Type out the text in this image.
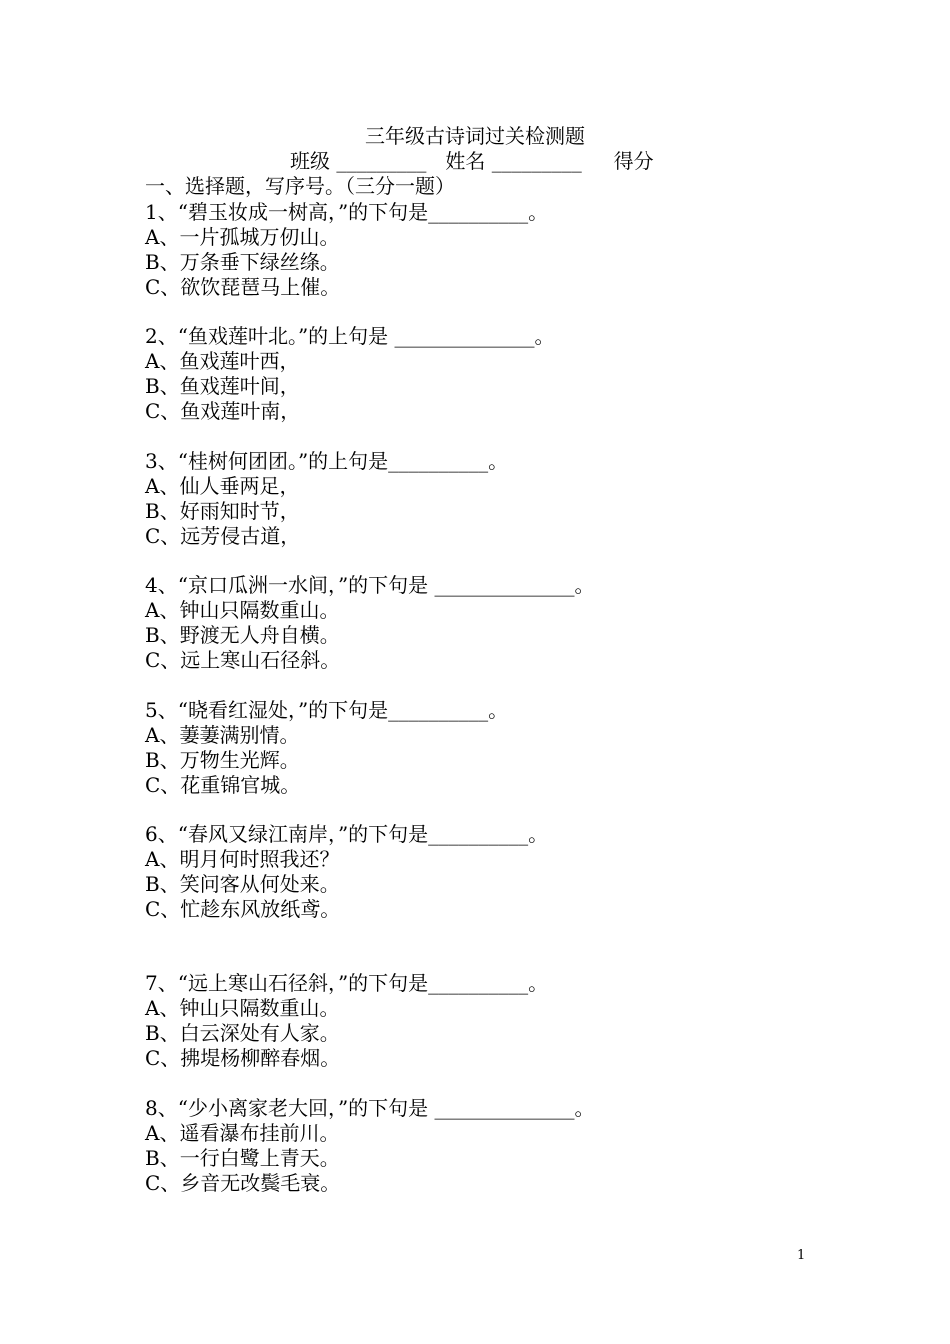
三年级古诗词过关检测题
班级 _________   姓名 _________     得分
一、选择题，写序号。（三分一题）
1、“碧玉妆成一树高，”的下句是__________。
A、一片孤城万仞山。
B、万条垂下绿丝绦。
C、欲饮琵琶马上催。
2、“鱼戏莲叶北。”的上句是 ______________。
A、鱼戏莲叶西，
B、鱼戏莲叶间，
C、鱼戏莲叶南，
3、“桂树何团团。”的上句是__________。
A、仙人垂两足，
B、好雨知时节，
C、远芳侵古道，
4、“京口瓜洲一水间，”的下句是 ______________。
A、钟山只隔数重山。
B、野渡无人舟自横。
C、远上寒山石径斜。
5、“晓看红湿处，”的下句是__________。
A、萋萋满别情。
B、万物生光辉。
C、花重锦官城。
6、“春风又绿江南岸，”的下句是__________。
A、明月何时照我还？
B、笑问客从何处来。
C、忙趁东风放纸鸢。
7、“远上寒山石径斜，”的下句是__________。
A、钟山只隔数重山。
B、白云深处有人家。
C、拂堤杨柳醉春烟。
8、“少小离家老大回，”的下句是 ______________。
A、遥看瀑布挂前川。
B、一行白鹭上青天。
C、乡音无改鬓毛衰。
1
